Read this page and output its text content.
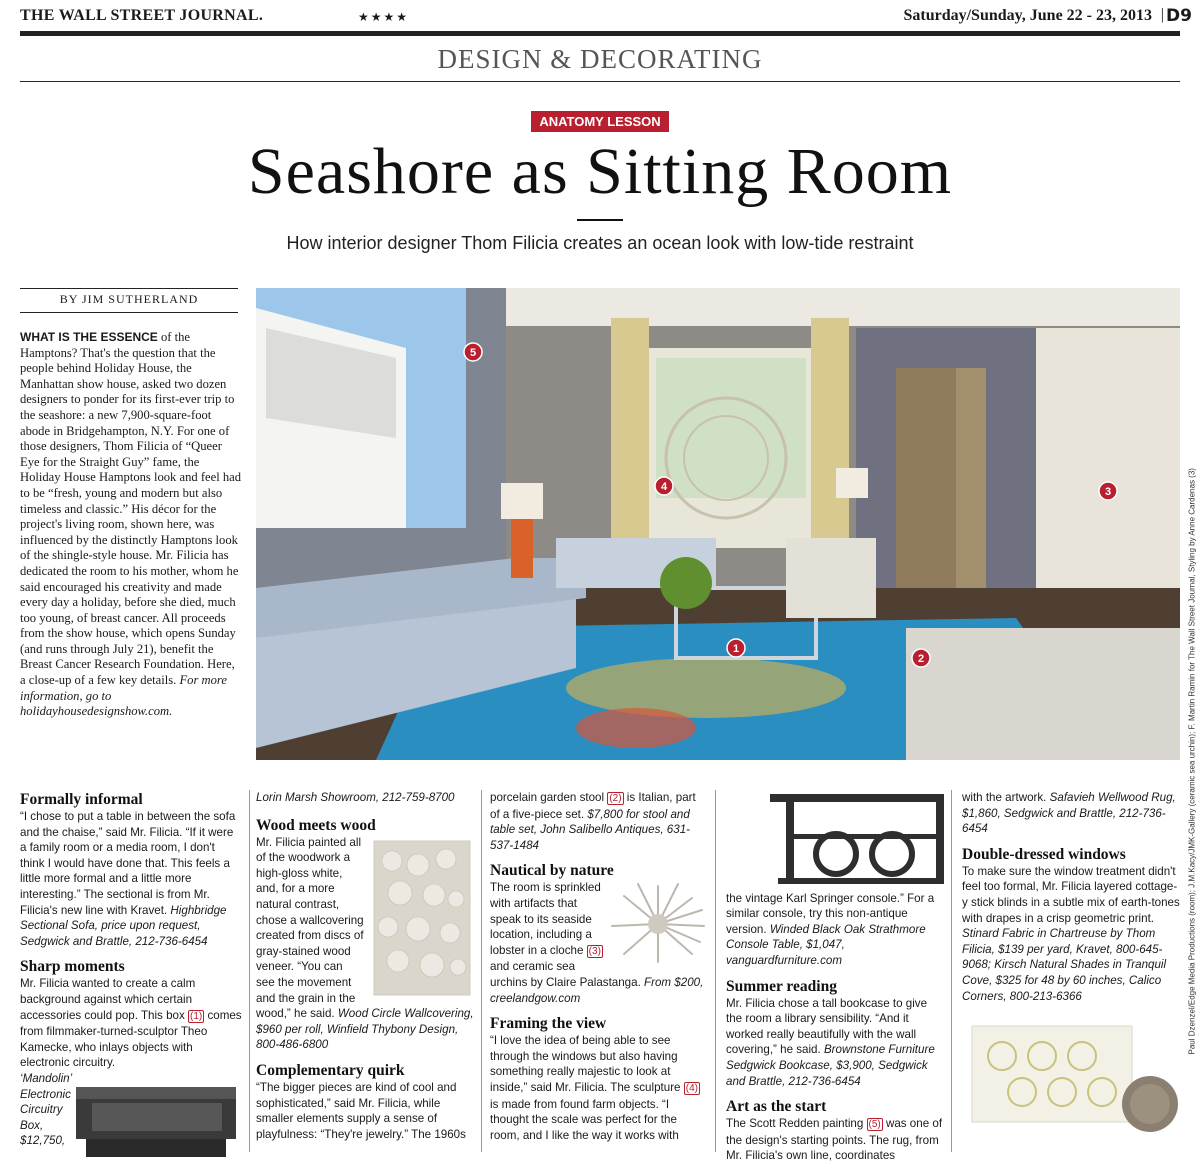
THE WALL STREET JOURNAL.	★★★★	Saturday/Sunday, June 22 - 23, 2013 | D9
DESIGN & DECORATING
ANATOMY LESSON
Seashore as Sitting Room
How interior designer Thom Filicia creates an ocean look with low-tide restraint
BY JIM SUTHERLAND
WHAT IS THE ESSENCE of the Hamptons? That's the question that the people behind Holiday House, the Manhattan show house, asked two dozen designers to ponder for its first-ever trip to the seashore: a new 7,900-square-foot abode in Bridgehampton, N.Y. For one of those designers, Thom Filicia of “Queer Eye for the Straight Guy” fame, the Holiday House Hamptons look and feel had to be “fresh, young and modern but also timeless and classic.” His décor for the project's living room, shown here, was influenced by the distinctly Hamptons look of the shingle-style house. Mr. Filicia has dedicated the room to his mother, whom he said encouraged his creativity and made every day a holiday, before she died, much too young, of breast cancer. All proceeds from the show house, which opens Sunday (and runs through July 21), benefit the Breast Cancer Research Foundation. Here, a close-up of a few key details. For more information, go to holidayhousedesignshow.com.
1
2
3
4
5
Paul Dzenzel/Edge Media Productions (room); J.M.Kacy/JMK-Gallery (ceramic sea urchin); F. Martin Ramin for The Wall Street Journal, Styling by Anne Cardenas (3)
Formally informal

“I chose to put a table in between the sofa and the chaise,” said Mr. Filicia. “If it were a family room or a media room, I don't think I would have done that. This feels a little more formal and a little more interesting.” The sectional is from Mr. Filicia's new line with Kravet. Highbridge Sectional Sofa, price upon request, Sedgwick and Brattle, 212-736-6454

Sharp moments

Mr. Filicia wanted to create a calm background against which certain accessories could pop. This box (1) comes from filmmaker-turned-sculptor Theo Kamecke, who inlays objects with electronic circuitry.

‘Mandolin’ Electronic Circuitry Box, $12,750,

Lorin Marsh Showroom, 212-759-8700

Wood meets wood

Mr. Filicia painted all of the woodwork a high-gloss white, and, for a more natural contrast, chose a wallcovering created from discs of gray-stained wood veneer. “You can see the movement and the grain in the wood,” he said. Wood Circle Wallcovering, $960 per roll, Winfield Thybony Design, 800-486-6800

Complementary quirk

“The bigger pieces are kind of cool and sophisticated,” said Mr. Filicia, while smaller elements supply a sense of playfulness: “They're jewelry.” The 1960s

porcelain garden stool (2) is Italian, part of a five-piece set. $7,800 for stool and table set, John Salibello Antiques, 631-537-1484

Nautical by nature

The room is sprinkled with artifacts that speak to its seaside location, including a lobster in a cloche (3) and ceramic sea urchins by Claire Palastanga. From $200, creelandgow.com

Framing the view

“I love the idea of being able to see through the windows but also having something really majestic to look at inside,” said Mr. Filicia. The sculpture (4) is made from found farm objects. “I thought the scale was perfect for the room, and I like the way it works with

the vintage Karl Springer console.” For a similar console, try this non-antique version. Winded Black Oak Strathmore Console Table, $1,047, vanguardfurniture.com

Summer reading

Mr. Filicia chose a tall bookcase to give the room a library sensibility. “And it worked really beautifully with the wall covering,” he said. Brownstone Furniture Sedgwick Bookcase, $3,900, Sedgwick and Brattle, 212-736-6454

Art as the start

The Scott Redden painting (5) was one of the design's starting points. The rug, from Mr. Filicia's own line, coordinates

with the artwork. Safavieh Wellwood Rug, $1,860, Sedgwick and Brattle, 212-736-6454

Double-dressed windows

To make sure the window treatment didn't feel too formal, Mr. Filicia layered cottage-y stick blinds in a subtle mix of earth-tones with drapes in a crisp geometric print. Stinard Fabric in Chartreuse by Thom Filicia, $139 per yard, Kravet, 800-645-9068; Kirsch Natural Shades in Tranquil Cove, $325 for 48 by 60 inches, Calico Corners, 800-213-6366
